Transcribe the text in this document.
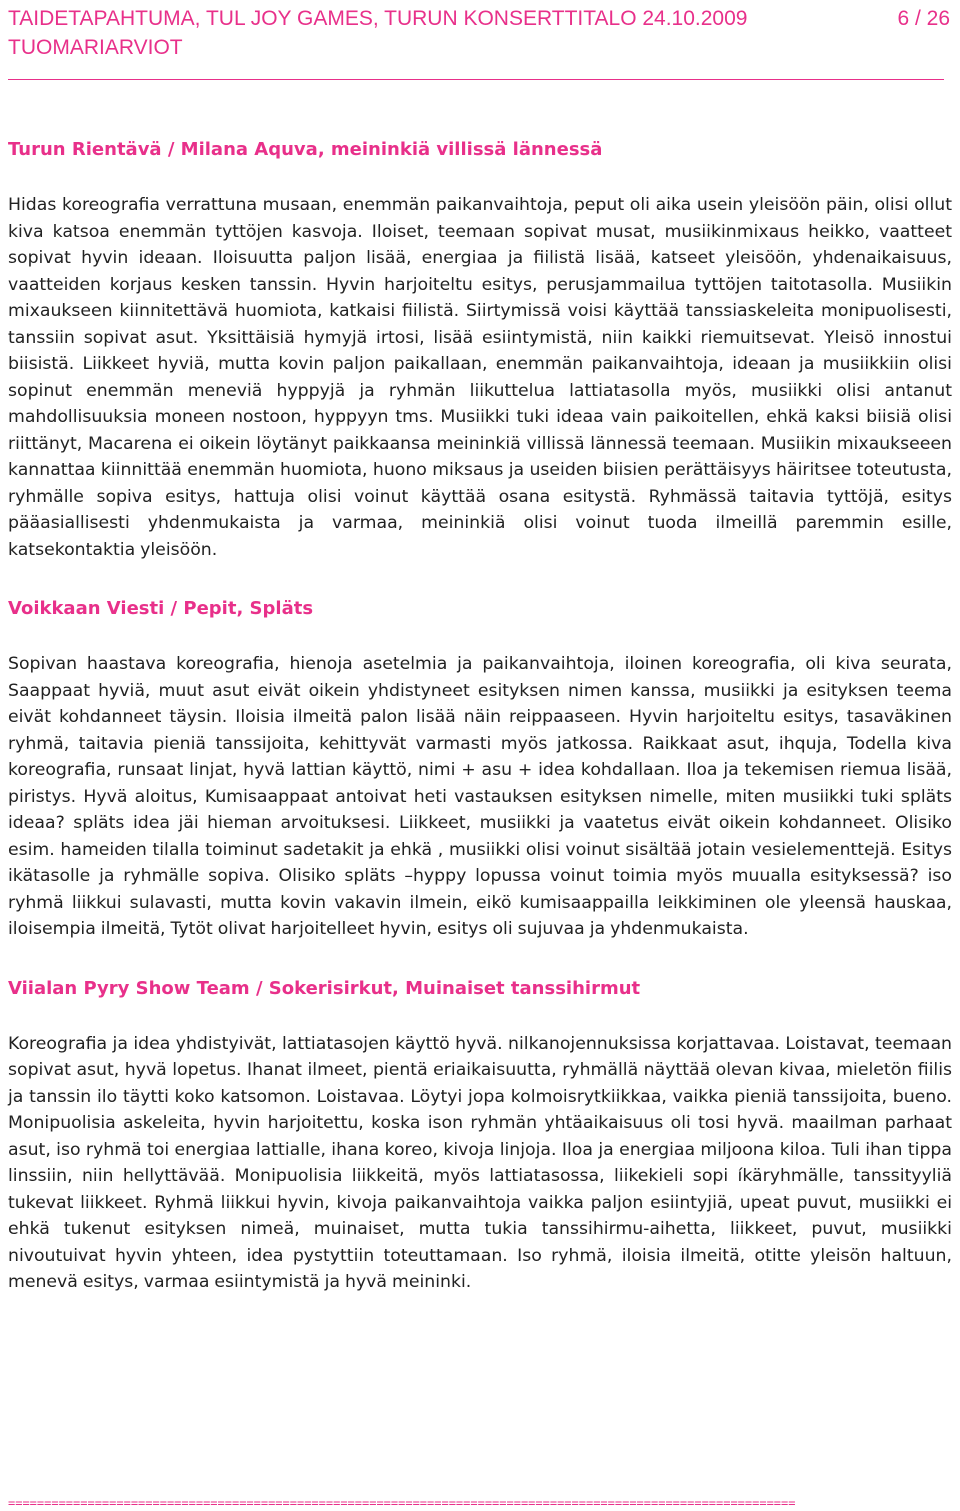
TAIDETAPAHTUMA, TUL JOY GAMES, TURUN KONSERTTITALO 24.10.2009
TUOMARIARVIOT
6 / 26
Turun Rientävä / Milana Aquva, meininkiä villissä lännessä
Hidas koreografia verrattuna musaan, enemmän paikanvaihtoja, peput oli aika usein yleisöön päin, olisi ollut kiva katsoa enemmän tyttöjen kasvoja. Iloiset, teemaan sopivat musat, musiikinmixaus heikko, vaatteet sopivat hyvin ideaan. Iloisuutta paljon lisää, energiaa ja fiilistä lisää, katseet yleisöön, yhdenaikaisuus, vaatteiden korjaus kesken tanssin. Hyvin harjoiteltu esitys, perusjammailua tyttöjen taitotasolla. Musiikin mixaukseen kiinnitettävä huomiota, katkaisi fiilistä. Siirtymissä voisi käyttää tanssiaskeleita monipuolisesti, tanssiin sopivat asut. Yksittäisiä hymyjä irtosi, lisää esiintymistä, niin kaikki riemuitsevat. Yleisö innostui biisistä. Liikkeet hyviä, mutta kovin paljon paikallaan, enemmän paikanvaihtoja, ideaan ja musiikkiin olisi sopinut enemmän meneviä hyppyjä ja ryhmän liikuttelua lattiatasolla myös, musiikki olisi antanut mahdollisuuksia moneen nostoon, hyppyyn tms. Musiikki tuki ideaa vain paikoitellen, ehkä kaksi biisiä olisi riittänyt, Macarena ei oikein löytänyt paikkaansa meininkiä villissä lännessä teemaan. Musiikin mixaukseeen kannattaa kiinnittää enemmän huomiota, huono miksaus ja useiden biisien perättäisyys häiritsee toteutusta, ryhmälle sopiva esitys, hattuja olisi voinut käyttää osana esitystä. Ryhmässä taitavia tyttöjä, esitys pääasiallisesti yhdenmukaista ja varmaa, meininkiä olisi voinut tuoda ilmeillä paremmin esille, katsekontaktia yleisöön.
Voikkaan Viesti / Pepit, Spläts
Sopivan haastava koreografia, hienoja asetelmia ja paikanvaihtoja, iloinen koreografia, oli kiva seurata, Saappaat hyviä, muut asut eivät oikein yhdistyneet esityksen nimen kanssa, musiikki ja esityksen teema eivät kohdanneet täysin. Iloisia ilmeitä palon lisää näin reippaaseen. Hyvin harjoiteltu esitys, tasaväkinen ryhmä, taitavia pieniä tanssijoita, kehittyvät varmasti myös jatkossa. Raikkaat asut, ihquja, Todella kiva koreografia, runsaat linjat, hyvä lattian käyttö, nimi + asu + idea kohdallaan. Iloa ja tekemisen riemua lisää, piristys. Hyvä aloitus, Kumisaappaat antoivat heti vastauksen esityksen nimelle, miten musiikki tuki spläts ideaa? spläts idea jäi hieman arvoituksesi. Liikkeet, musiikki ja vaatetus eivät oikein kohdanneet. Olisiko esim. hameiden tilalla toiminut sadetakit ja ehkä , musiikki olisi voinut sisältää jotain vesielementtejä. Esitys ikätasolle ja ryhmälle sopiva. Olisiko spläts –hyppy lopussa voinut toimia myös muualla esityksessä? iso ryhmä liikkui sulavasti, mutta kovin vakavin ilmein, eikö kumisaappailla leikkiminen ole yleensä hauskaa, iloisempia ilmeitä, Tytöt olivat harjoitelleet hyvin, esitys oli sujuvaa ja yhdenmukaista.
Viialan Pyry Show Team / Sokerisirkut, Muinaiset tanssihirmut
Koreografia ja idea yhdistyivät, lattiatasojen käyttö hyvä. nilkanojennuksissa korjattavaa. Loistavat, teemaan sopivat asut, hyvä lopetus. Ihanat ilmeet, pientä eriaikaisuutta, ryhmällä näyttää olevan kivaa, mieletön fiilis ja tanssin ilo täytti koko katsomon. Loistavaa. Löytyi jopa kolmoisrytkiikkaa, vaikka pieniä tanssijoita, bueno. Monipuolisia askeleita, hyvin harjoitettu, koska ison ryhmän yhtäaikaisuus oli tosi hyvä. maailman parhaat asut, iso ryhmä toi energiaa lattialle, ihana koreo, kivoja linjoja. Iloa ja energiaa miljoona kiloa. Tuli ihan tippa linssiin, niin hellyttävää. Monipuolisia liikkeitä, myös lattiatasossa, liikekieli sopi íkäryhmälle, tanssityyliä tukevat liikkeet. Ryhmä liikkui hyvin, kivoja paikanvaihtoja vaikka paljon esiintyjiä, upeat puvut, musiikki ei ehkä tukenut esityksen nimeä, muinaiset, mutta tukia tanssihirmu-aihetta, liikkeet, puvut, musiikki nivoutuivat hyvin yhteen, idea pystyttiin toteuttamaan. Iso ryhmä, iloisia ilmeitä, otitte yleisön haltuun, menevä esitys, varmaa esiintymistä ja hyvä meininki.
=============================================================================================================
